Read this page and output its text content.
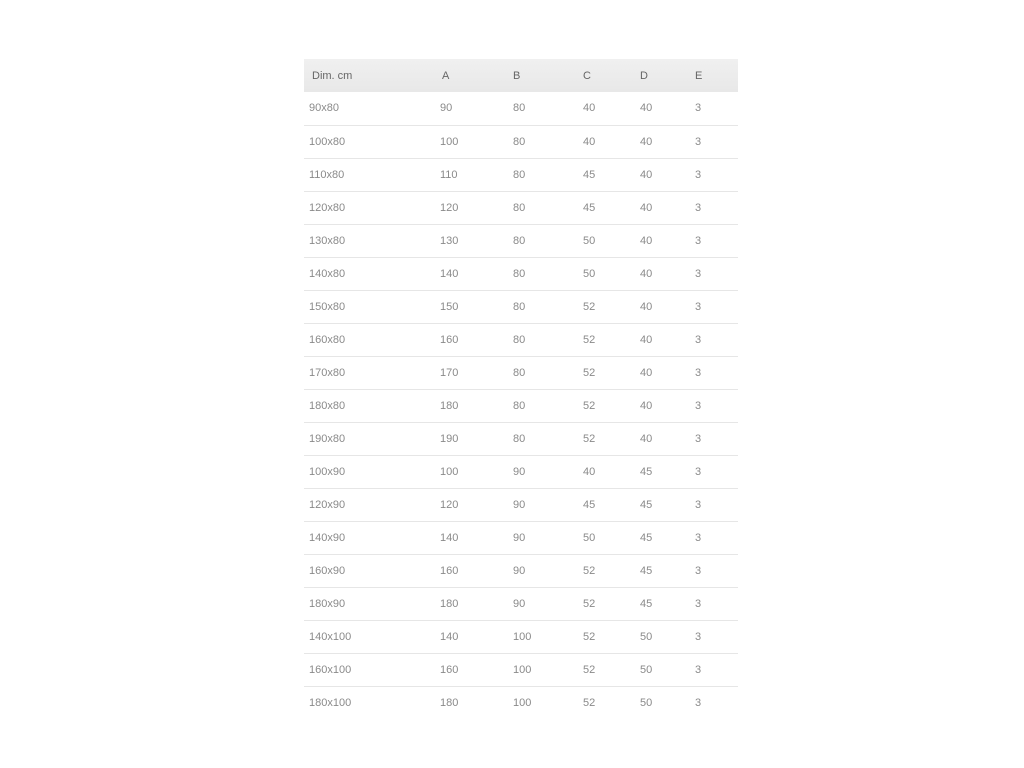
Dim. cm	A	B	C	D	E
90x80	90	80	40	40	3
100x80	100	80	40	40	3
110x80	110	80	45	40	3
120x80	120	80	45	40	3
130x80	130	80	50	40	3
140x80	140	80	50	40	3
150x80	150	80	52	40	3
160x80	160	80	52	40	3
170x80	170	80	52	40	3
180x80	180	80	52	40	3
190x80	190	80	52	40	3
100x90	100	90	40	45	3
120x90	120	90	45	45	3
140x90	140	90	50	45	3
160x90	160	90	52	45	3
180x90	180	90	52	45	3
140x100	140	100	52	50	3
160x100	160	100	52	50	3
180x100	180	100	52	50	3
